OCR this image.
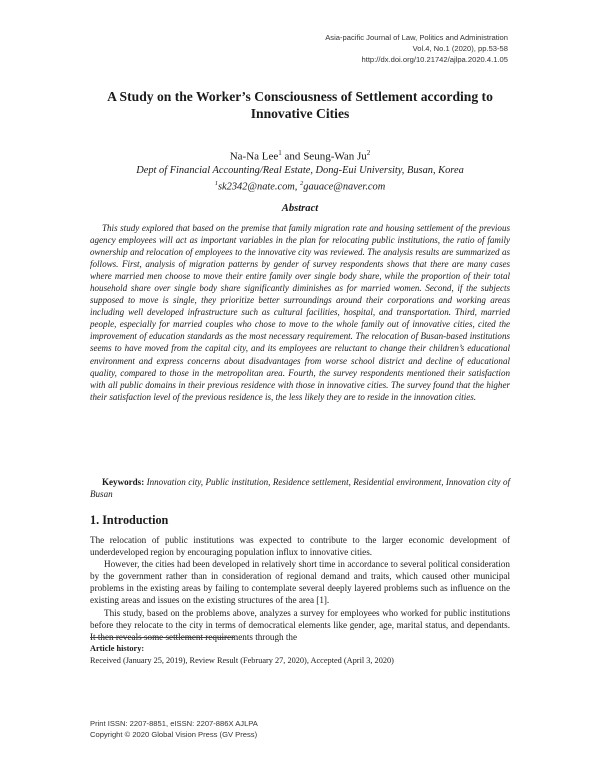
Asia-pacific Journal of Law, Politics and Administration
Vol.4, No.1 (2020), pp.53-58
http://dx.doi.org/10.21742/ajlpa.2020.4.1.05
A Study on the Worker’s Consciousness of Settlement according to Innovative Cities
Na-Na Lee$^1$ and Seung-Wan Ju$^2$
Dept of Financial Accounting/Real Estate, Dong-Eui University, Busan, Korea
$^1$sk2342@nate.com, $^2$gauace@naver.com
Abstract

This study explored that based on the premise that family migration rate and housing settlement of the previous agency employees will act as important variables in the plan for relocating public institutions, the ratio of family ownership and relocation of employees to the innovative city was reviewed. The analysis results are summarized as follows. First, analysis of migration patterns by gender of survey respondents shows that there are many cases where married men choose to move their entire family over single body share, while the proportion of their total household share over single body share significantly diminishes as for married women. Second, if the subjects supposed to move is single, they prioritize better surroundings around their corporations and working areas including well developed infrastructure such as cultural facilities, hospital, and transportation. Third, married people, especially for married couples who chose to move to the whole family out of innovative cities, cited the improvement of education standards as the most necessary requirement. The relocation of Busan-based institutions seems to have moved from the capital city, and its employees are reluctant to change their children’s educational environment and express concerns about disadvantages from worse school district and decline of educational quality, compared to those in the metropolitan area. Fourth, the survey respondents mentioned their satisfaction with all public domains in their previous residence with those in innovative cities. The survey found that the higher their satisfaction level of the previous residence is, the less likely they are to reside in the innovation cities.

Keywords: Innovation city, Public institution, Residence settlement, Residential environment, Innovation city of Busan

1. Introduction

The relocation of public institutions was expected to contribute to the larger economic development of underdeveloped region by encouraging population influx to innovative cities.

However, the cities had been developed in relatively short time in accordance to several political consideration by the government rather than in consideration of regional demand and traits, which caused other municipal problems in the existing areas by failing to contemplate several deeply layered problems such as influence on the existing areas and issues on the existing structures of the area [1].

This study, based on the problems above, analyzes a survey for employees who worked for public institutions before they relocate to the city in terms of democratical elements like gender, age, marital status, and dependants. It then reveals some settlement requirements through the

Article history:
Received (January 25, 2019), Review Result (February 27, 2020), Accepted (April 3, 2020)
Print ISSN: 2207-8851, eISSN: 2207-886X AJLPA
Copyright © 2020 Global Vision Press (GV Press)
